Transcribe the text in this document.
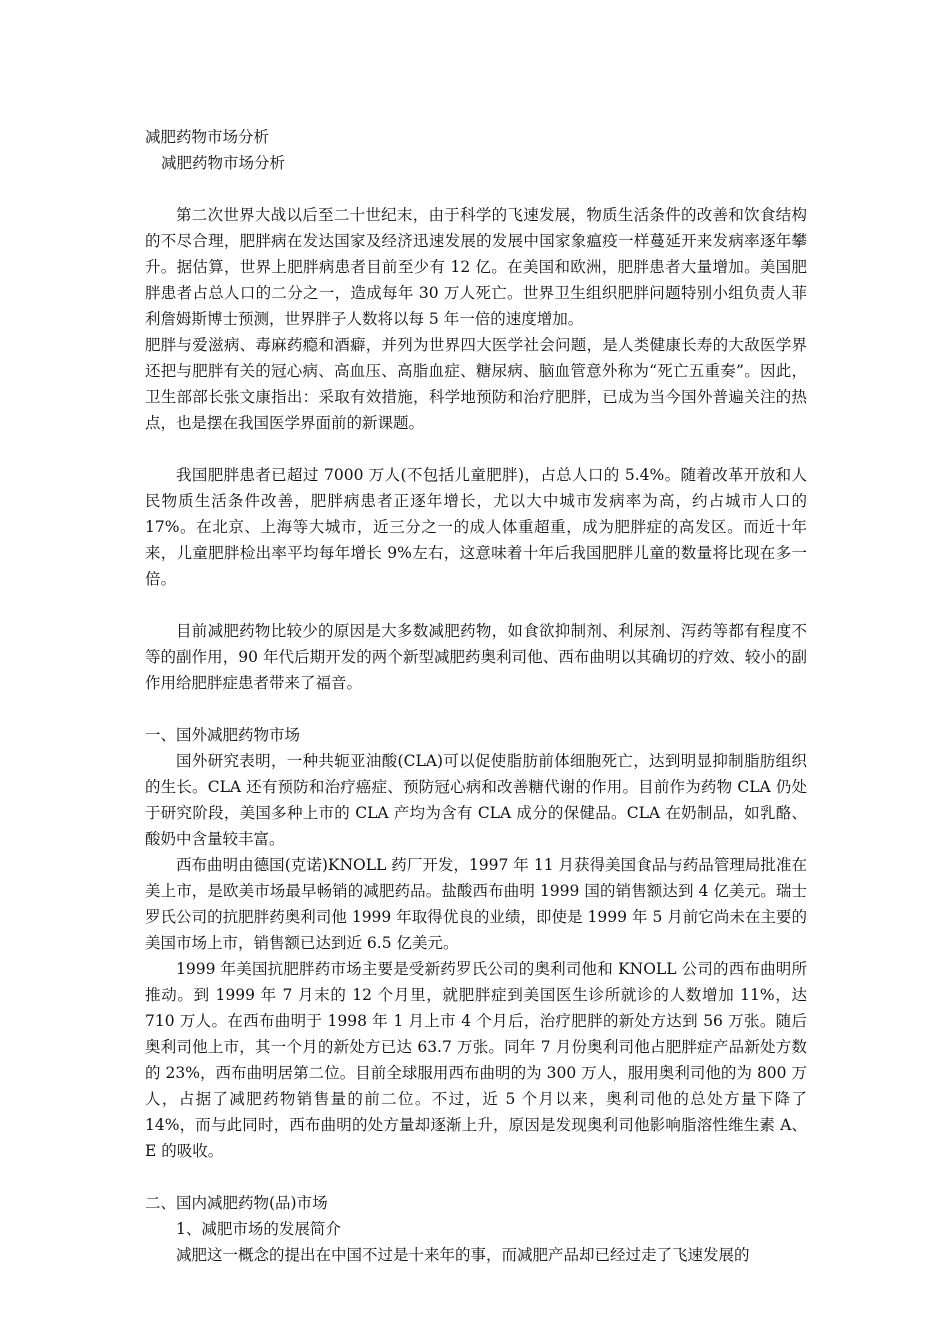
减肥药物市场分析

减肥药物市场分析

第二次世界大战以后至二十世纪末，由于科学的飞速发展，物质生活条件的改善和饮食结构的不尽合理，肥胖病在发达国家及经济迅速发展的发展中国家象瘟疫一样蔓延开来发病率逐年攀升。据估算，世界上肥胖病患者目前至少有 12 亿。在美国和欧洲，肥胖患者大量增加。美国肥胖患者占总人口的二分之一，造成每年 30 万人死亡。世界卫生组织肥胖问题特别小组负责人菲利詹姆斯博士预测，世界胖子人数将以每 5 年一倍的速度增加。

肥胖与爱滋病、毒麻药瘾和酒癖，并列为世界四大医学社会问题，是人类健康长寿的大敌医学界还把与肥胖有关的冠心病、高血压、高脂血症、糖尿病、脑血管意外称为“死亡五重奏”。因此，卫生部部长张文康指出：采取有效措施，科学地预防和治疗肥胖，已成为当今国外普遍关注的热点，也是摆在我国医学界面前的新课题。

我国肥胖患者已超过 7000 万人(不包括儿童肥胖)，占总人口的 5.4%。随着改革开放和人民物质生活条件改善，肥胖病患者正逐年增长，尤以大中城市发病率为高，约占城市人口的 17%。在北京、上海等大城市，近三分之一的成人体重超重，成为肥胖症的高发区。而近十年来，儿童肥胖检出率平均每年增长 9%左右，这意味着十年后我国肥胖儿童的数量将比现在多一倍。

目前减肥药物比较少的原因是大多数减肥药物，如食欲抑制剂、利尿剂、泻药等都有程度不等的副作用，90 年代后期开发的两个新型减肥药奥利司他、西布曲明以其确切的疗效、较小的副作用给肥胖症患者带来了福音。

一、国外减肥药物市场

国外研究表明，一种共轭亚油酸(CLA)可以促使脂肪前体细胞死亡，达到明显抑制脂肪组织的生长。CLA 还有预防和治疗癌症、预防冠心病和改善糖代谢的作用。目前作为药物 CLA 仍处于研究阶段，美国多种上市的 CLA 产均为含有 CLA 成分的保健品。CLA 在奶制品，如乳酪、酸奶中含量较丰富。

西布曲明由德国(克诺)KNOLL 药厂开发，1997 年 11 月获得美国食品与药品管理局批准在美上市，是欧美市场最早畅销的减肥药品。盐酸西布曲明 1999 国的销售额达到 4 亿美元。瑞士罗氏公司的抗肥胖药奥利司他 1999 年取得优良的业绩，即使是 1999 年 5 月前它尚未在主要的美国市场上市，销售额已达到近 6.5 亿美元。

1999 年美国抗肥胖药市场主要是受新药罗氏公司的奥利司他和 KNOLL 公司的西布曲明所推动。到 1999 年 7 月末的 12 个月里，就肥胖症到美国医生诊所就诊的人数增加 11%，达 710 万人。在西布曲明于 1998 年 1 月上市 4 个月后，治疗肥胖的新处方达到 56 万张。随后奥利司他上市，其一个月的新处方已达 63.7 万张。同年 7 月份奥利司他占肥胖症产品新处方数的 23%，西布曲明居第二位。目前全球服用西布曲明的为 300 万人，服用奥利司他的为 800 万人，占据了减肥药物销售量的前二位。不过，近 5 个月以来，奥利司他的总处方量下降了 14%，而与此同时，西布曲明的处方量却逐渐上升，原因是发现奥利司他影响脂溶性维生素 A、E 的吸收。

二、国内减肥药物(品)市场

1、减肥市场的发展简介

减肥这一概念的提出在中国不过是十来年的事，而减肥产品却已经过走了飞速发展的
